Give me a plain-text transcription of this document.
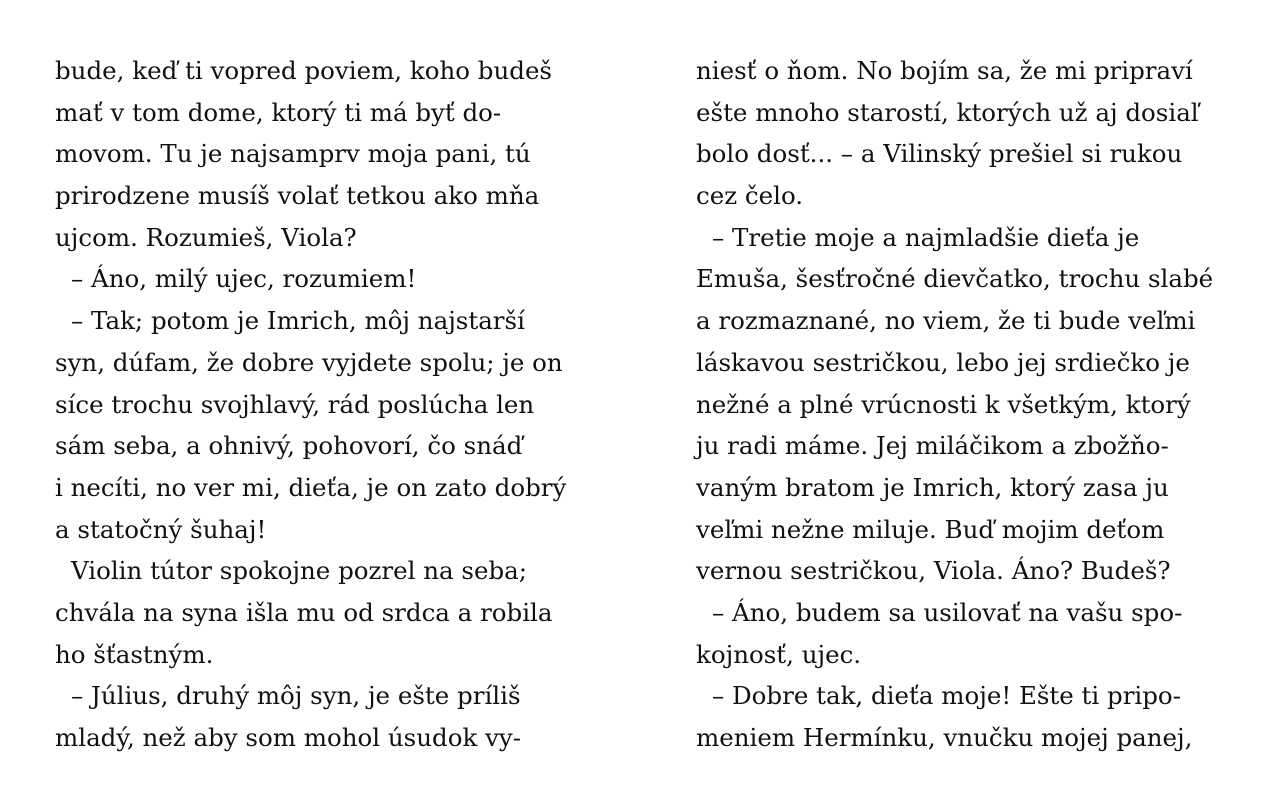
bude, keď ti vopred poviem, koho budeš
mať v tom dome, ktorý ti má byť do-
movom. Tu je najsamprv moja pani, tú
prirodzene musíš volať tetkou ako mňa
ujcom. Rozumieš, Viola?
– Áno, milý ujec, rozumiem!
– Tak; potom je Imrich, môj najstarší
syn, dúfam, že dobre vyjdete spolu; je on
síce trochu svojhlavý, rád poslúcha len
sám seba, a ohnivý, pohovorí, čo snáď
i necíti, no ver mi, dieťa, je on zato dobrý
a statočný šuhaj!
Violin tútor spokojne pozrel na seba;
chvála na syna išla mu od srdca a robila
ho šťastným.
– Július, druhý môj syn, je ešte príliš
mladý, než aby som mohol úsudok vy-
niesť o ňom. No bojím sa, že mi pripraví
ešte mnoho starostí, ktorých už aj dosiaľ
bolo dosť... – a Vilinský prešiel si rukou
cez čelo.
– Tretie moje a najmladšie dieťa je
Emuša, šesťročné dievčatko, trochu slabé
a rozmaznané, no viem, že ti bude veľmi
láskavou sestričkou, lebo jej srdiečko je
nežné a plné vrúcnosti k všetkým, ktorý
ju radi máme. Jej miláčikom a zbožňo-
vaným bratom je Imrich, ktorý zasa ju
veľmi nežne miluje. Buď mojim deťom
vernou sestričkou, Viola. Áno? Budeš?
– Áno, budem sa usilovať na vašu spo-
kojnosť, ujec.
– Dobre tak, dieťa moje! Ešte ti pripo-
meniem Hermínku, vnučku mojej panej,
